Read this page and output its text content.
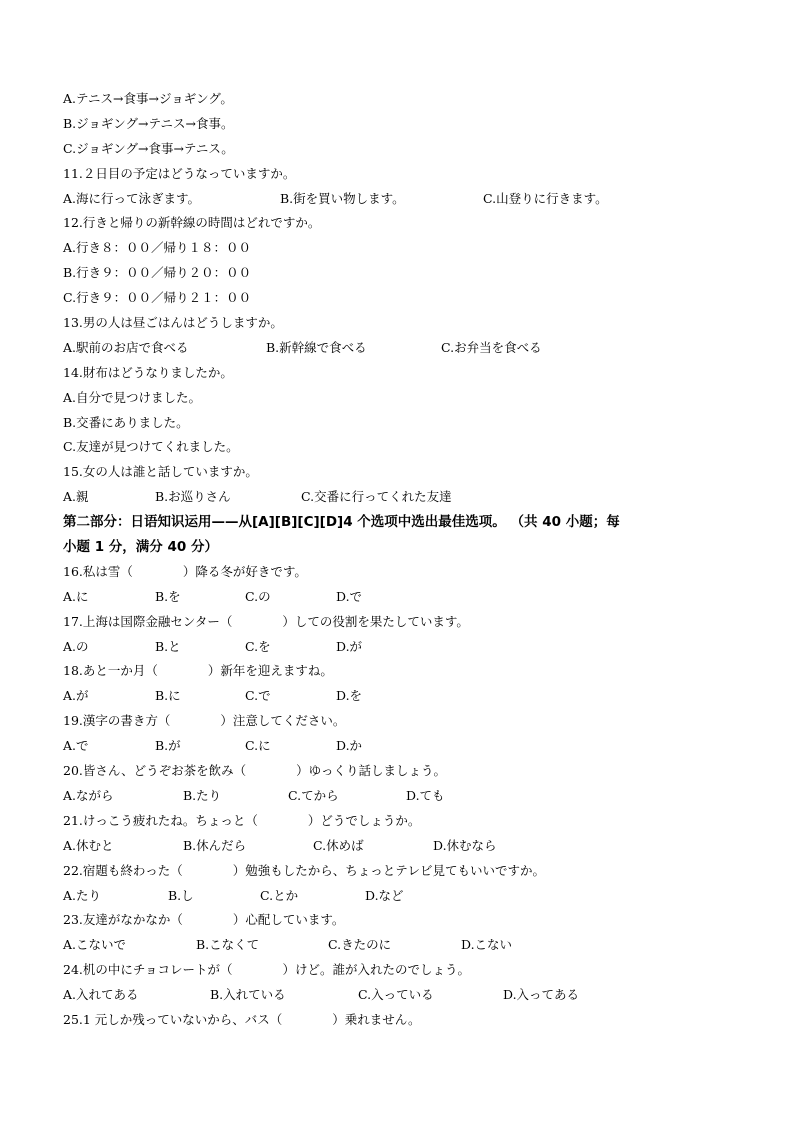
A.テニス→食事→ジョギング。
B.ジョギング→テニス→食事。
C.ジョギング→食事→テニス。
11.２日目の予定はどうなっていますか。
A.海に行って泳ぎます。	B.街を買い物します。	C.山登りに行きます。
12.行きと帰りの新幹線の時間はどれですか。
A.行き８：００／帰り１８：００
B.行き９：００／帰り２０：００
C.行き９：００／帰り２１：００
13.男の人は昼ごはんはどうしますか。
A.駅前のお店で食べる	B.新幹線で食べる	C.お弁当を食べる
14.財布はどうなりましたか。
A.自分で見つけました。
B.交番にありました。
C.友達が見つけてくれました。
15.女の人は誰と話していますか。
A.親	B.お巡りさん	C.交番に行ってくれた友達
第二部分：日语知识运用——从[A][B][C][D]4 个选项中选出最佳选项。 （共 40 小题；每
小题 1 分，满分 40 分）
16.私は雪（　　　　）降る冬が好きです。
A.に	B.を	C.の	D.で
17.上海は国際金融センター（　　　　）しての役割を果たしています。
A.の	B.と	C.を	D.が
18.あと一か月（　　　　）新年を迎えますね。
A.が	B.に	C.で	D.を
19.漢字の書き方（　　　　）注意してください。
A.で	B.が	C.に	D.か
20.皆さん、どうぞお茶を飲み（　　　　）ゆっくり話しましょう。
A.ながら	B.たり	C.てから	D.ても
21.けっこう疲れたね。ちょっと（　　　　）どうでしょうか。
A.休むと	B.休んだら	C.休めば	D.休むなら
22.宿題も終わった（　　　　）勉強もしたから、ちょっとテレビ見てもいいですか。
A.たり	B.し	C.とか	D.など
23.友達がなかなか（　　　　）心配しています。
A.こないで	B.こなくて	C.きたのに	D.こない
24.机の中にチョコレートが（　　　　）けど。誰が入れたのでしょう。
A.入れてある	B.入れている	C.入っている	D.入ってある
25.1 元しか残っていないから、バス（　　　　）乗れません。
